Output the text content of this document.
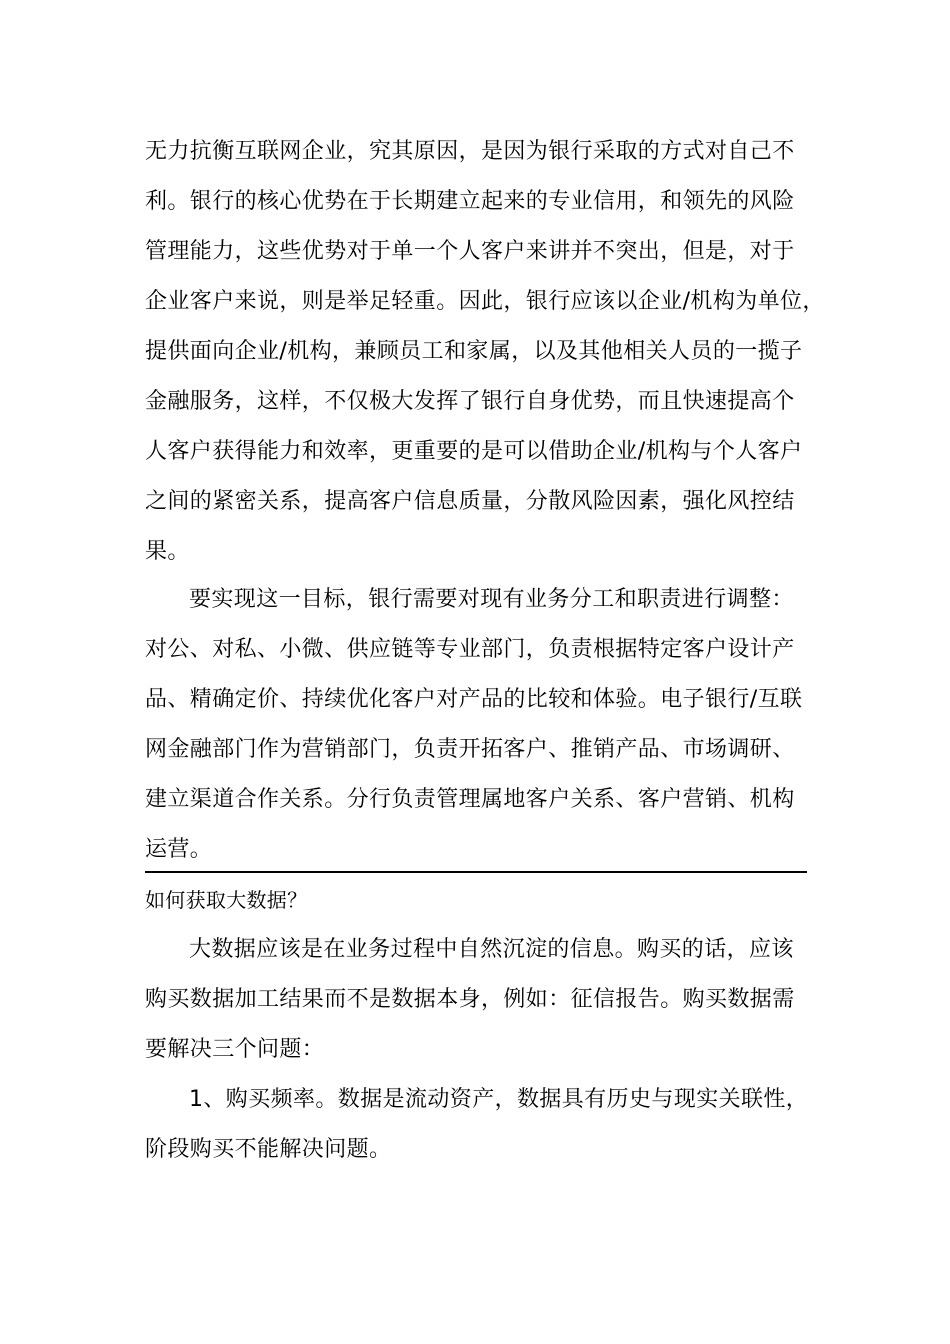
无力抗衡互联网企业，究其原因，是因为银行采取的方式对自己不
利。银行的核心优势在于长期建立起来的专业信用，和领先的风险
管理能力，这些优势对于单一个人客户来讲并不突出，但是，对于
企业客户来说，则是举足轻重。因此，银行应该以企业/机构为单位，
提供面向企业/机构，兼顾员工和家属，以及其他相关人员的一揽子
金融服务，这样，不仅极大发挥了银行自身优势，而且快速提高个
人客户获得能力和效率，更重要的是可以借助企业/机构与个人客户
之间的紧密关系，提高客户信息质量，分散风险因素，强化风控结
果。

要实现这一目标，银行需要对现有业务分工和职责进行调整：
对公、对私、小微、供应链等专业部门，负责根据特定客户设计产
品、精确定价、持续优化客户对产品的比较和体验。电子银行/互联
网金融部门作为营销部门，负责开拓客户、推销产品、市场调研、
建立渠道合作关系。分行负责管理属地客户关系、客户营销、机构
运营。

如何获取大数据？

大数据应该是在业务过程中自然沉淀的信息。购买的话，应该
购买数据加工结果而不是数据本身，例如：征信报告。购买数据需
要解决三个问题：

1、购买频率。数据是流动资产，数据具有历史与现实关联性，
阶段购买不能解决问题。
